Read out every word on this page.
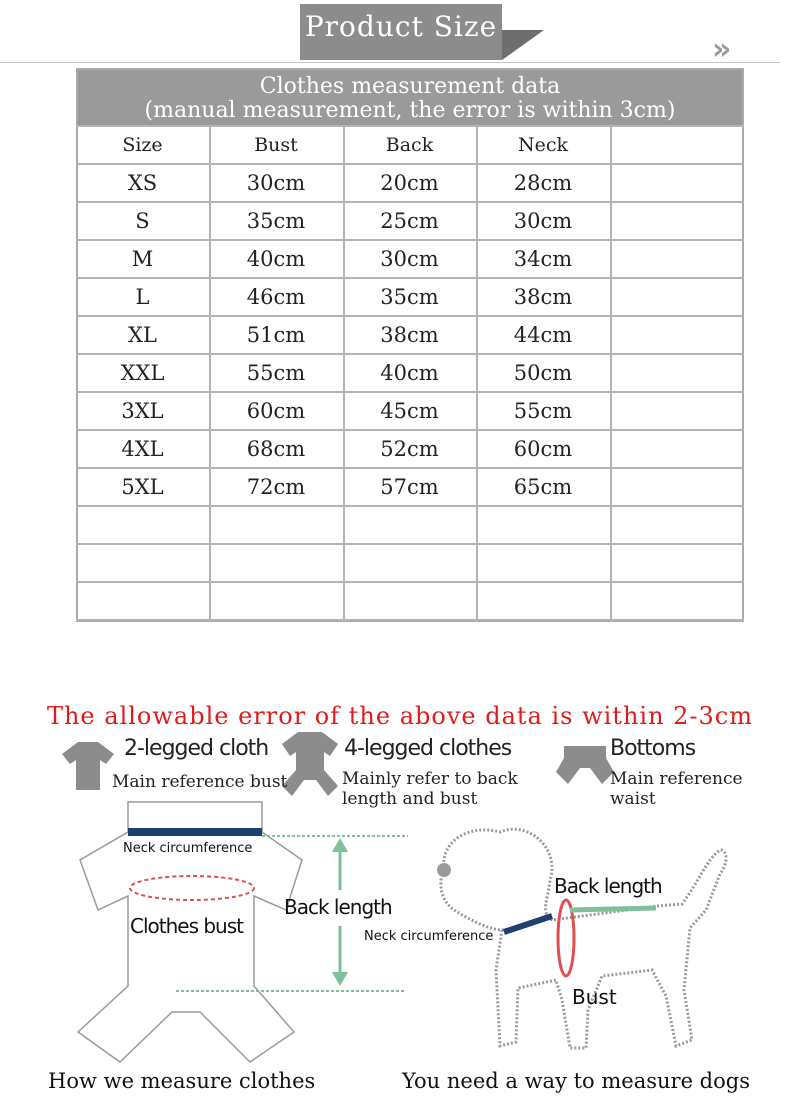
Product Size
»
Clothes measurement data
(manual measurement, the error is within 3cm)
Size	Bust	Back	Neck
XS	30cm	20cm	28cm
S	35cm	25cm	30cm
M	40cm	30cm	34cm
L	46cm	35cm	38cm
XL	51cm	38cm	44cm
XXL	55cm	40cm	50cm
3XL	60cm	45cm	55cm
4XL	68cm	52cm	60cm
5XL	72cm	57cm	65cm
The allowable error of the above data is within 2-3cm
2-legged cloth
Main reference bust
4-legged clothes
Mainly refer to back
length and bust
Bottoms
Main reference
waist
Neck circumference
Clothes bust
Back length
How we measure clothes
Back length
Neck circumference
Bust
You need a way to measure dogs
